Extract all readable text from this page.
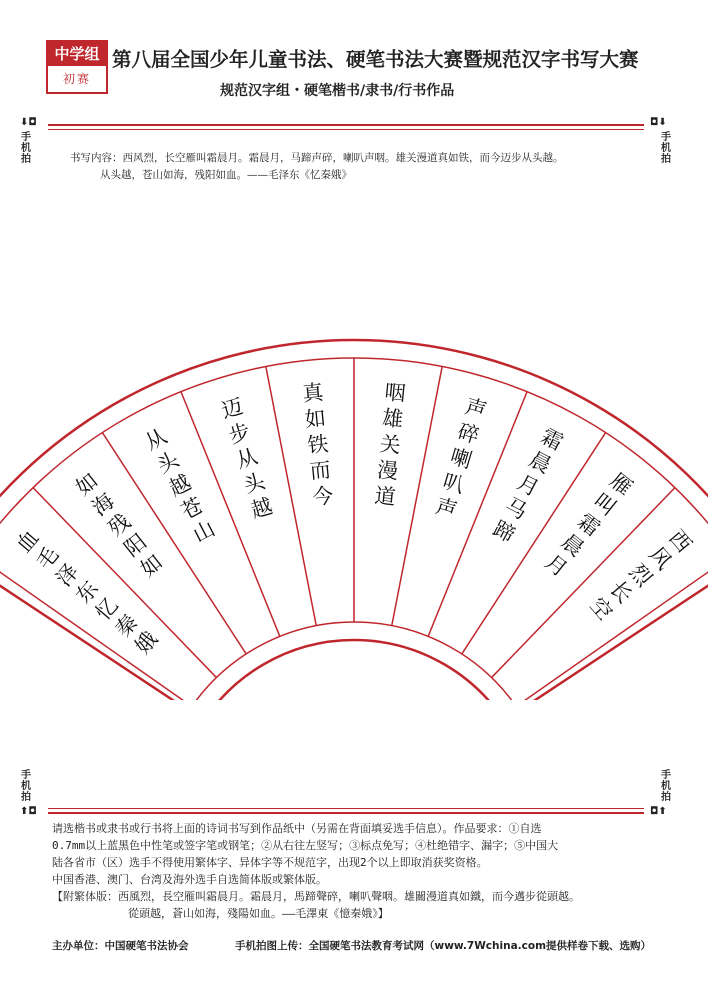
中学组
初赛
第八届全国少年儿童书法、硬笔书法大赛暨规范汉字书写大赛
规范汉字组・硬笔楷书/隶书/行书作品
⬇◘
手机拍
◘⬇
手机拍
书写内容：西风烈，长空雁叫霜晨月。霜晨月，马蹄声碎，喇叭声咽。雄关漫道真如铁，而今迈步从头越。
从头越，苍山如海，残阳如血。——毛泽东《忆秦娥》
西
风
烈
长
空
雁
叫
霜
晨
月
霜
晨
月
马
蹄
声
碎
喇
叭
声
咽
雄
关
漫
道
真
如
铁
而
今
迈
步
从
头
越
从
头
越
苍
山
如
海
残
阳
如
血
毛
泽
东
忆
秦
娥
手机拍
⬆◘
手机拍
◘⬆

请选楷书或隶书或行书将上面的诗词书写到作品纸中（另需在背面填妥选手信息）。作品要求：①自选

0.7mm以上蓝黑色中性笔或签字笔或钢笔；②从右往左竖写；③标点免写；④杜绝错字、漏字；⑤中国大

陆各省市（区）选手不得使用繁体字、异体字等不规范字，出现2个以上即取消获奖资格。

中国香港、澳门、台湾及海外选手自选简体版或繁体版。

【附繁体版：西風烈，長空雁叫霜晨月。霜晨月，馬蹄聲碎，喇叭聲咽。雄關漫道真如鐵，而今邁步從頭越。

從頭越，蒼山如海，殘陽如血。——毛澤東《憶秦娥》】

主办单位：中国硬笔书法协会	手机拍图上传：全国硬笔书法教育考试网（www.7Wchina.com提供样卷下载、选购）
